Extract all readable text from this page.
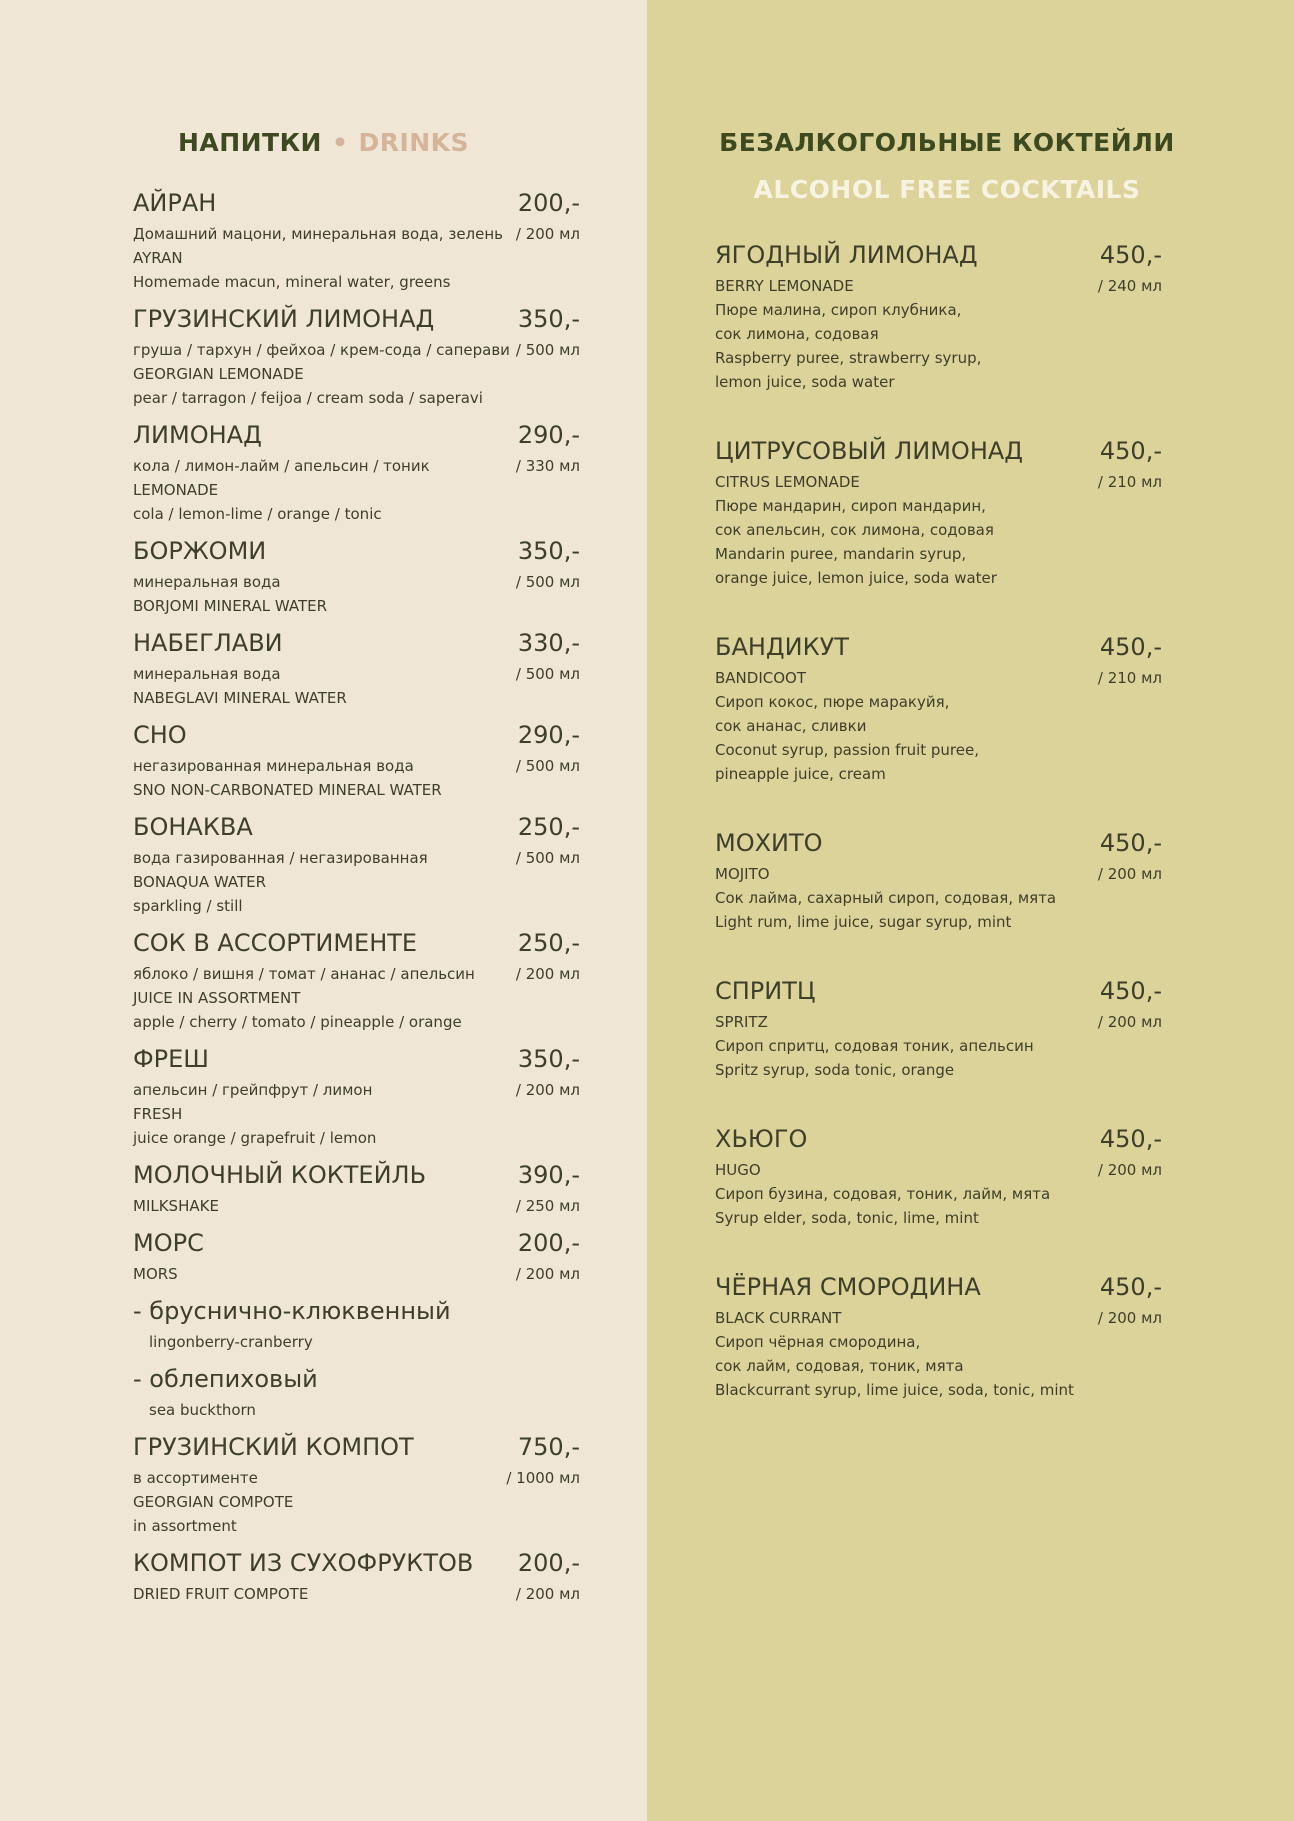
НАПИТКИ • DRINKS	БЕЗАЛКОГОЛЬНЫЕ КОКТЕЙЛИ
ALCOHOL FREE COCKTAILS
АЙРАН	200,-
/ 200 мл
Домашний мацони, минеральная вода, зелень
AYRAN
Homemade macun, mineral water, greens
ГРУЗИНСКИЙ ЛИМОНАД	350,-
/ 500 мл
груша / тархун / фейхоа / крем-сода / саперави
GEORGIAN LEMONADE
pear / tarragon / feijoa / cream soda / saperavi
ЛИМОНАД	290,-
/ 330 мл
кола / лимон-лайм / апельсин / тоник
LEMONADE
cola / lemon-lime / orange / tonic
БОРЖОМИ	350,-
/ 500 мл
минеральная вода
BORJOMI MINERAL WATER
НАБЕГЛАВИ	330,-
/ 500 мл
минеральная вода
NABEGLAVI MINERAL WATER
СНО	290,-
/ 500 мл
негазированная минеральная вода
SNO NON-CARBONATED MINERAL WATER
БОНАКВА	250,-
/ 500 мл
вода газированная / негазированная
BONAQUA WATER
sparkling / still
СОК В АССОРТИМЕНТЕ	250,-
/ 200 мл
яблоко / вишня / томат / ананас / апельсин
JUICE IN ASSORTMENT
apple / cherry / tomato / pineapple / orange
ФРЕШ	350,-
/ 200 мл
апельсин / грейпфрут / лимон
FRESH
juice orange / grapefruit / lemon
МОЛОЧНЫЙ КОКТЕЙЛЬ	390,-
/ 250 мл
MILKSHAKE
МОРС	200,-
/ 200 мл
MORS
- бруснично-клюквенный
lingonberry-cranberry
- облепиховый
sea buckthorn
ГРУЗИНСКИЙ КОМПОТ	750,-
/ 1000 мл
в ассортименте
GEORGIAN COMPOTE
in assortment
КОМПОТ ИЗ СУХОФРУКТОВ	200,-
/ 200 мл
DRIED FRUIT COMPOTE
ЯГОДНЫЙ ЛИМОНАД	450,-
/ 240 мл
BERRY LEMONADE
Пюре малина, сироп клубника,
сок лимона, содовая
Raspberry puree, strawberry syrup,
lemon juice, soda water
ЦИТРУСОВЫЙ ЛИМОНАД	450,-
/ 210 мл
CITRUS LEMONADE
Пюре мандарин, сироп мандарин,
сок апельсин, сок лимона, содовая
Mandarin puree, mandarin syrup,
orange juice, lemon juice, soda water
БАНДИКУТ	450,-
/ 210 мл
BANDICOOT
Сироп кокос, пюре маракуйя,
сок ананас, сливки
Coconut syrup, passion fruit puree,
pineapple juice, cream
МОХИТО	450,-
/ 200 мл
MOJITO
Сок лайма, сахарный сироп, содовая, мята
Light rum, lime juice, sugar syrup, mint
СПРИТЦ	450,-
/ 200 мл
SPRITZ
Сироп спритц, содовая тоник, апельсин
Spritz syrup, soda tonic, orange
ХЬЮГО	450,-
/ 200 мл
HUGO
Сироп бузина, содовая, тоник, лайм, мята
Syrup elder, soda, tonic, lime, mint
ЧЁРНАЯ СМОРОДИНА	450,-
/ 200 мл
BLACK CURRANT
Сироп чёрная смородина,
сок лайм, содовая, тоник, мята
Blackcurrant syrup, lime juice, soda, tonic, mint
